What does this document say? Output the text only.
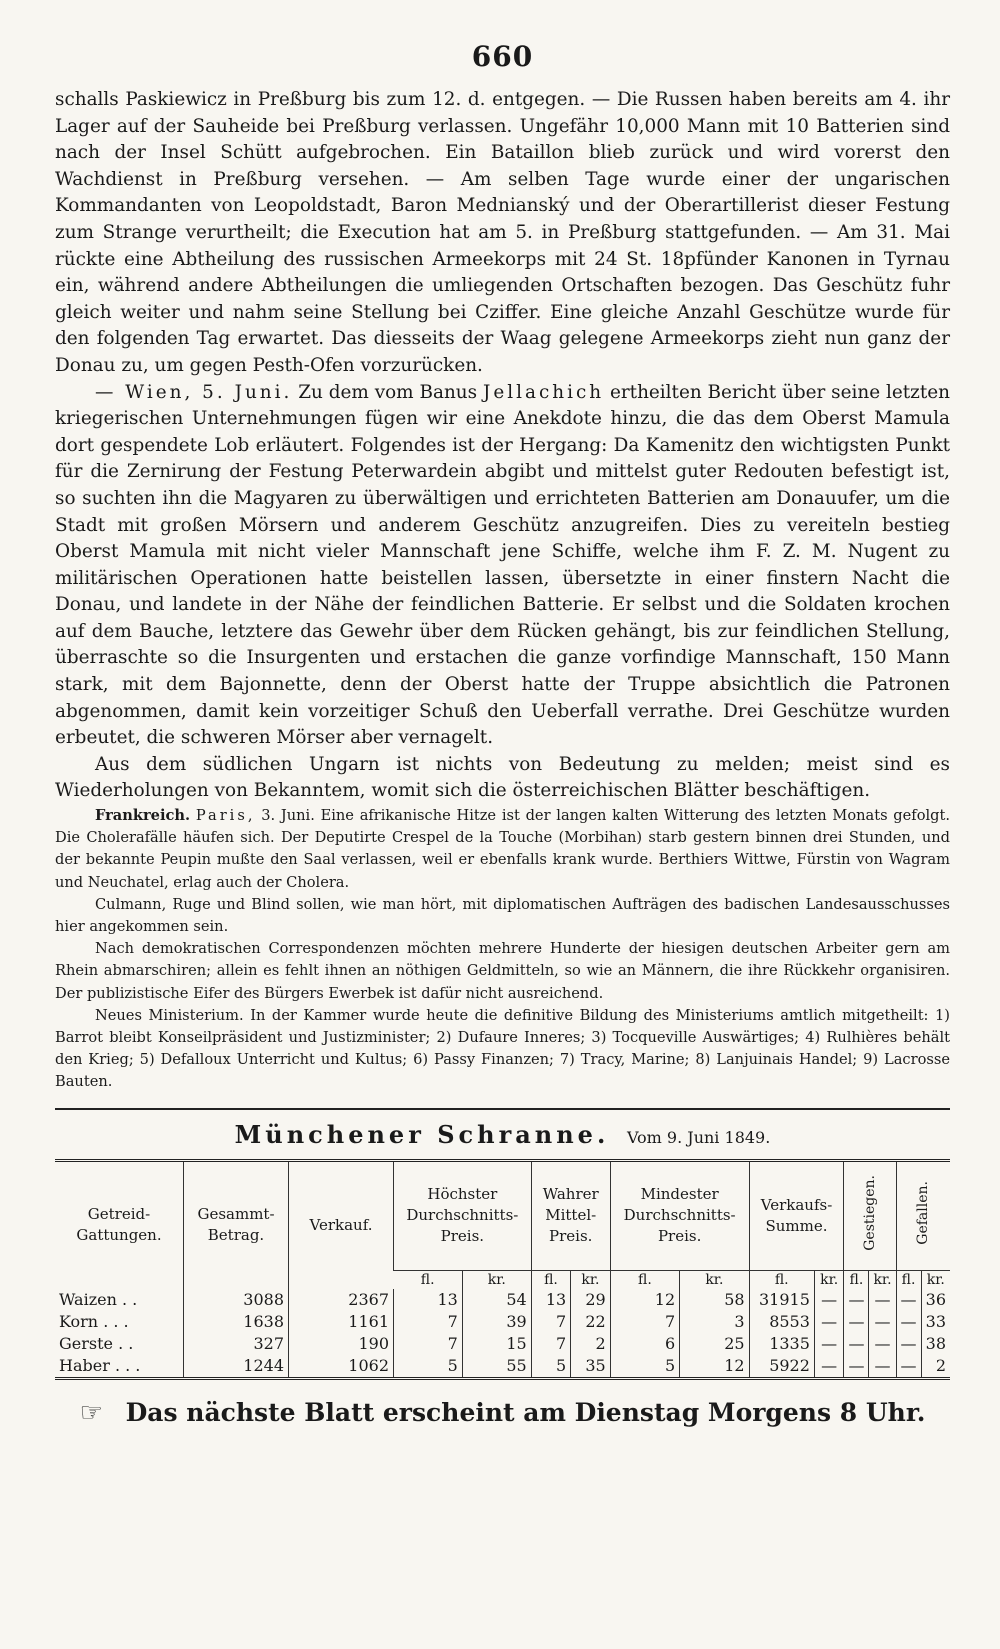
660

schalls Paskiewicz in Preßburg bis zum 12. d. entgegen. — Die Russen haben bereits am 4. ihr Lager auf der Sauheide bei Preßburg verlassen. Ungefähr 10,000 Mann mit 10 Batterien sind nach der Insel Schütt aufgebrochen. Ein Bataillon blieb zurück und wird vorerst den Wachdienst in Preßburg versehen. — Am selben Tage wurde einer der ungarischen Kommandanten von Leopoldstadt, Baron Mednianský und der Oberartillerist dieser Festung zum Strange verurtheilt; die Execution hat am 5. in Preßburg stattgefunden. — Am 31. Mai rückte eine Abtheilung des russischen Armeekorps mit 24 St. 18pfünder Kanonen in Tyrnau ein, während andere Abtheilungen die umliegenden Ortschaften bezogen. Das Geschütz fuhr gleich weiter und nahm seine Stellung bei Cziffer. Eine gleiche Anzahl Geschütze wurde für den folgenden Tag erwartet. Das diesseits der Waag gelegene Armeekorps zieht nun ganz der Donau zu, um gegen Pesth-Ofen vorzurücken.

— Wien, 5. Juni. Zu dem vom Banus Jellachich ertheilten Bericht über seine letzten kriegerischen Unternehmungen fügen wir eine Anekdote hinzu, die das dem Oberst Mamula dort gespendete Lob erläutert. Folgendes ist der Hergang: Da Kamenitz den wichtigsten Punkt für die Zernirung der Festung Peterwardein abgibt und mittelst guter Redouten befestigt ist, so suchten ihn die Magyaren zu überwältigen und errichteten Batterien am Donauufer, um die Stadt mit großen Mörsern und anderem Geschütz anzugreifen. Dies zu vereiteln bestieg Oberst Mamula mit nicht vieler Mannschaft jene Schiffe, welche ihm F. Z. M. Nugent zu militärischen Operationen hatte beistellen lassen, übersetzte in einer finstern Nacht die Donau, und landete in der Nähe der feindlichen Batterie. Er selbst und die Soldaten krochen auf dem Bauche, letztere das Gewehr über dem Rücken gehängt, bis zur feindlichen Stellung, überraschte so die Insurgenten und erstachen die ganze vorfindige Mannschaft, 150 Mann stark, mit dem Bajonnette, denn der Oberst hatte der Truppe absichtlich die Patronen abgenommen, damit kein vorzeitiger Schuß den Ueberfall verrathe. Drei Geschütze wurden erbeutet, die schweren Mörser aber vernagelt.

Aus dem südlichen Ungarn ist nichts von Bedeutung zu melden; meist sind es Wiederholungen von Bekanntem, womit sich die österreichischen Blätter beschäftigen.

Frankreich. Paris, 3. Juni. Eine afrikanische Hitze ist der langen kalten Witterung des letzten Monats gefolgt. Die Cholerafälle häufen sich. Der Deputirte Crespel de la Touche (Morbihan) starb gestern binnen drei Stunden, und der bekannte Peupin mußte den Saal verlassen, weil er ebenfalls krank wurde. Berthiers Wittwe, Fürstin von Wagram und Neuchatel, erlag auch der Cholera.

Culmann, Ruge und Blind sollen, wie man hört, mit diplomatischen Aufträgen des badischen Landesausschusses hier angekommen sein.

Nach demokratischen Correspondenzen möchten mehrere Hunderte der hiesigen deutschen Arbeiter gern am Rhein abmarschiren; allein es fehlt ihnen an nöthigen Geldmitteln, so wie an Männern, die ihre Rückkehr organisiren. Der publizistische Eifer des Bürgers Ewerbek ist dafür nicht ausreichend.

Neues Ministerium. In der Kammer wurde heute die definitive Bildung des Ministeriums amtlich mitgetheilt: 1) Barrot bleibt Konseilpräsident und Justizminister; 2) Dufaure Inneres; 3) Tocqueville Auswärtiges; 4) Rulhières behält den Krieg; 5) Defalloux Unterricht und Kultus; 6) Passy Finanzen; 7) Tracy, Marine; 8) Lanjuinais Handel; 9) Lacrosse Bauten.

Münchener Schranne. Vom 9. Juni 1849.
Getreid-Gattungen.	Gesammt-Betrag.	Verkauf.	Höchster Durchschnitts-Preis.		Wahrer Mittel-Preis.		Mindester Durchschnitts-Preis.		Verkaufs-Summe.		Gestiegen.		Gefallen.	
			fl.	kr.	fl.	kr.	fl.	kr.	fl.	kr.	fl.	kr.	fl.	kr.
Waizen . .	3088	2367	13	54	13	29	12	58	31915	—	—	—	—	36
Korn . . .	1638	1161	7	39	7	22	7	3	8553	—	—	—	—	33
Gerste . .	327	190	7	15	7	2	6	25	1335	—	—	—	—	38
Haber . . .	1244	1062	5	55	5	35	5	12	5922	—	—	—	—	2
☞ Das nächste Blatt erscheint am Dienstag Morgens 8 Uhr.
